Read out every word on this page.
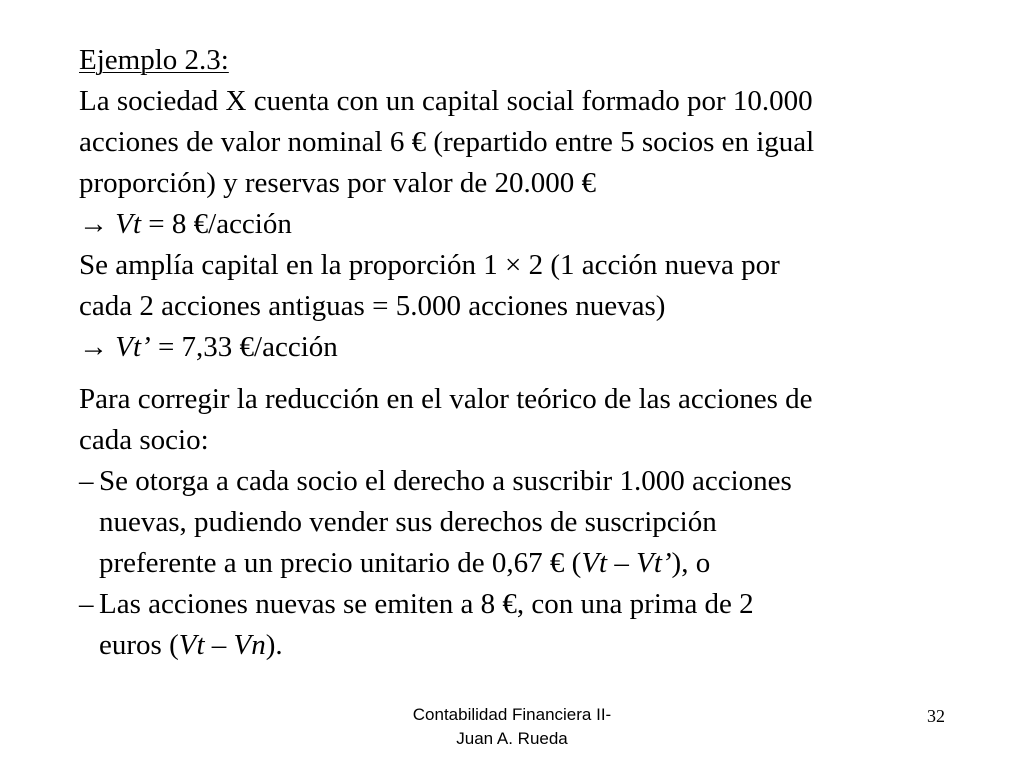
Ejemplo 2.3:
La sociedad X cuenta con un capital social formado por 10.000
acciones de valor nominal 6 € (repartido entre 5 socios en igual
proporción) y reservas por valor de 20.000 €
→ Vt = 8 €/acción
Se amplía capital en la proporción 1 × 2 (1 acción nueva por
cada 2 acciones antiguas = 5.000 acciones nuevas)
→ Vt’ = 7,33 €/acción
Para corregir la reducción en el valor teórico de las acciones de
cada socio:
– Se otorga a cada socio el derecho a suscribir 1.000 acciones
nuevas, pudiendo vender sus derechos de suscripción
preferente a un precio unitario de 0,67 € (Vt – Vt’), o
– Las acciones nuevas se emiten a 8 €, con una prima de 2
euros (Vt – Vn).
Contabilidad Financiera II-
Juan A. Rueda
32
